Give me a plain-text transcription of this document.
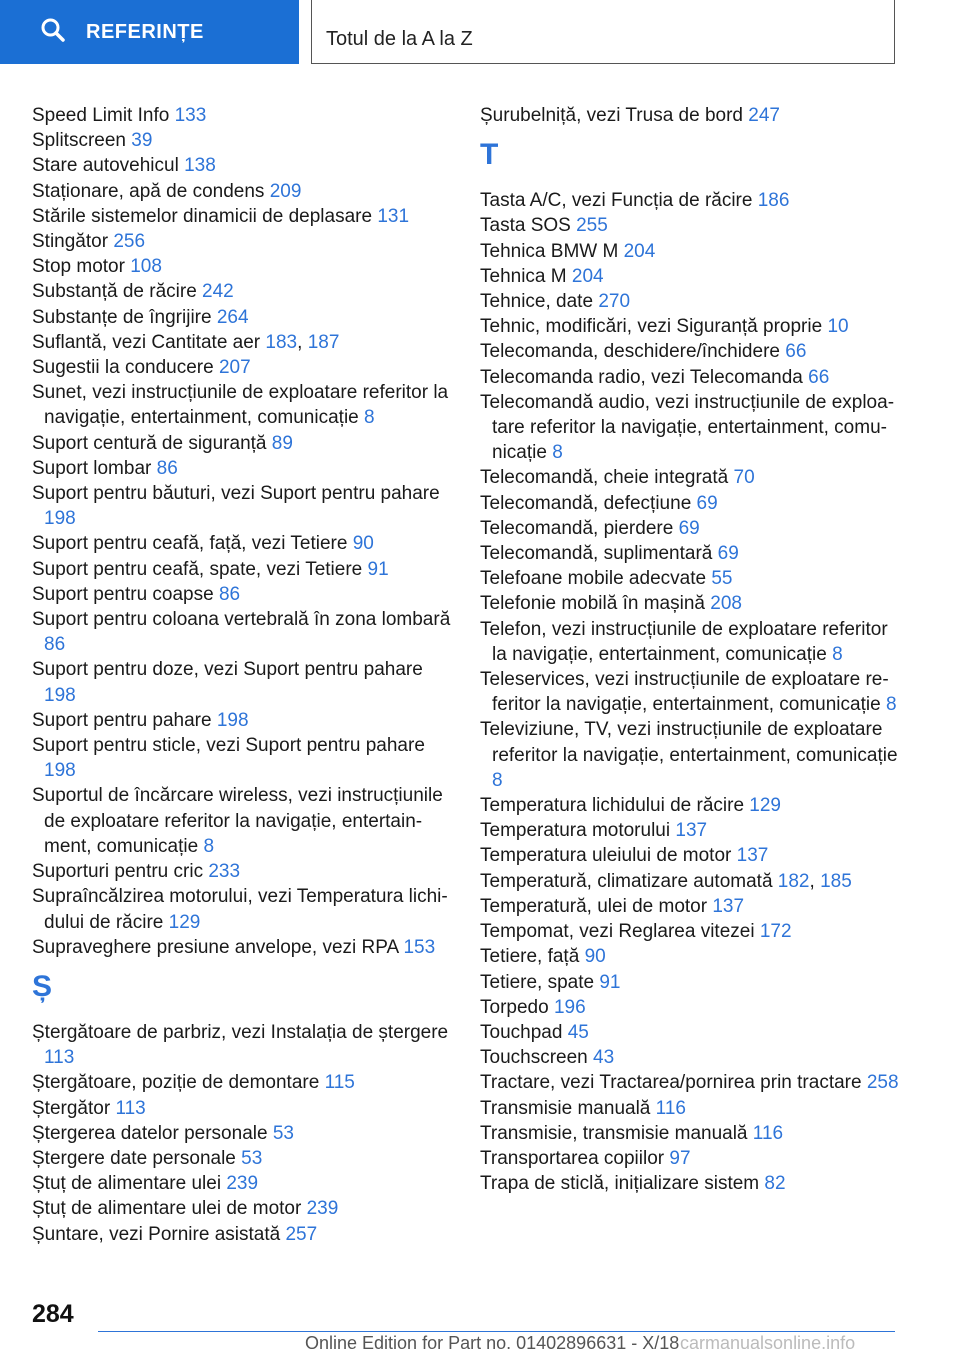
REFERINȚE	Totul de la A la Z
Speed Limit Info 133
Splitscreen 39
Stare autovehicul 138
Staționare, apă de condens 209
Stările sistemelor dinamicii de deplasare 131
Stingător 256
Stop motor 108
Substanță de răcire 242
Substanțe de îngrijire 264
Suflantă, vezi Cantitate aer 183, 187
Sugestii la conducere 207
Sunet, vezi instrucțiunile de exploatare referitor la navigație, entertainment, comunicație 8
Suport centură de siguranță 89
Suport lombar 86
Suport pentru băuturi, vezi Suport pentru pahare 198
Suport pentru ceafă, față, vezi Tetiere 90
Suport pentru ceafă, spate, vezi Tetiere 91
Suport pentru coapse 86
Suport pentru coloana vertebrală în zona lombară 86
Suport pentru doze, vezi Suport pentru pahare 198
Suport pentru pahare 198
Suport pentru sticle, vezi Suport pentru pahare 198
Suportul de încărcare wireless, vezi instrucțiunile de exploatare referitor la navigație, entertainment, comunicație 8
Suporturi pentru cric 233
Supraîncălzirea motorului, vezi Temperatura lichidului de răcire 129
Supraveghere presiune anvelope, vezi RPA 153
Ș
Ștergătoare de parbriz, vezi Instalația de ștergere 113
Ștergătoare, poziție de demontare 115
Ștergător 113
Ștergerea datelor personale 53
Ștergere date personale 53
Ștuț de alimentare ulei 239
Ștuț de alimentare ulei de motor 239
Șuntare, vezi Pornire asistată 257
Șurubelniță, vezi Trusa de bord 247
T
Tasta A/C, vezi Funcția de răcire 186
Tasta SOS 255
Tehnica BMW M 204
Tehnica M 204
Tehnice, date 270
Tehnic, modificări, vezi Siguranță proprie 10
Telecomanda, deschidere/închidere 66
Telecomanda radio, vezi Telecomanda 66
Telecomandă audio, vezi instrucțiunile de exploatare referitor la navigație, entertainment, comunicație 8
Telecomandă, cheie integrată 70
Telecomandă, defecțiune 69
Telecomandă, pierdere 69
Telecomandă, suplimentară 69
Telefoane mobile adecvate 55
Telefonie mobilă în mașină 208
Telefon, vezi instrucțiunile de exploatare referitor la navigație, entertainment, comunicație 8
Teleservices, vezi instrucțiunile de exploatare referitor la navigație, entertainment, comunicație 8
Televiziune, TV, vezi instrucțiunile de exploatare referitor la navigație, entertainment, comunicație 8
Temperatura lichidului de răcire 129
Temperatura motorului 137
Temperatura uleiului de motor 137
Temperatură, climatizare automată 182, 185
Temperatură, ulei de motor 137
Tempomat, vezi Reglarea vitezei 172
Tetiere, față 90
Tetiere, spate 91
Torpedo 196
Touchpad 45
Touchscreen 43
Tractare, vezi Tractarea/pornirea prin tractare 258
Transmisie manuală 116
Transmisie, transmisie manuală 116
Transportarea copiilor 97
Trapa de sticlă, inițializare sistem 82
284
Online Edition for Part no. 01402896631 - X/18 carmanualsonline.info
